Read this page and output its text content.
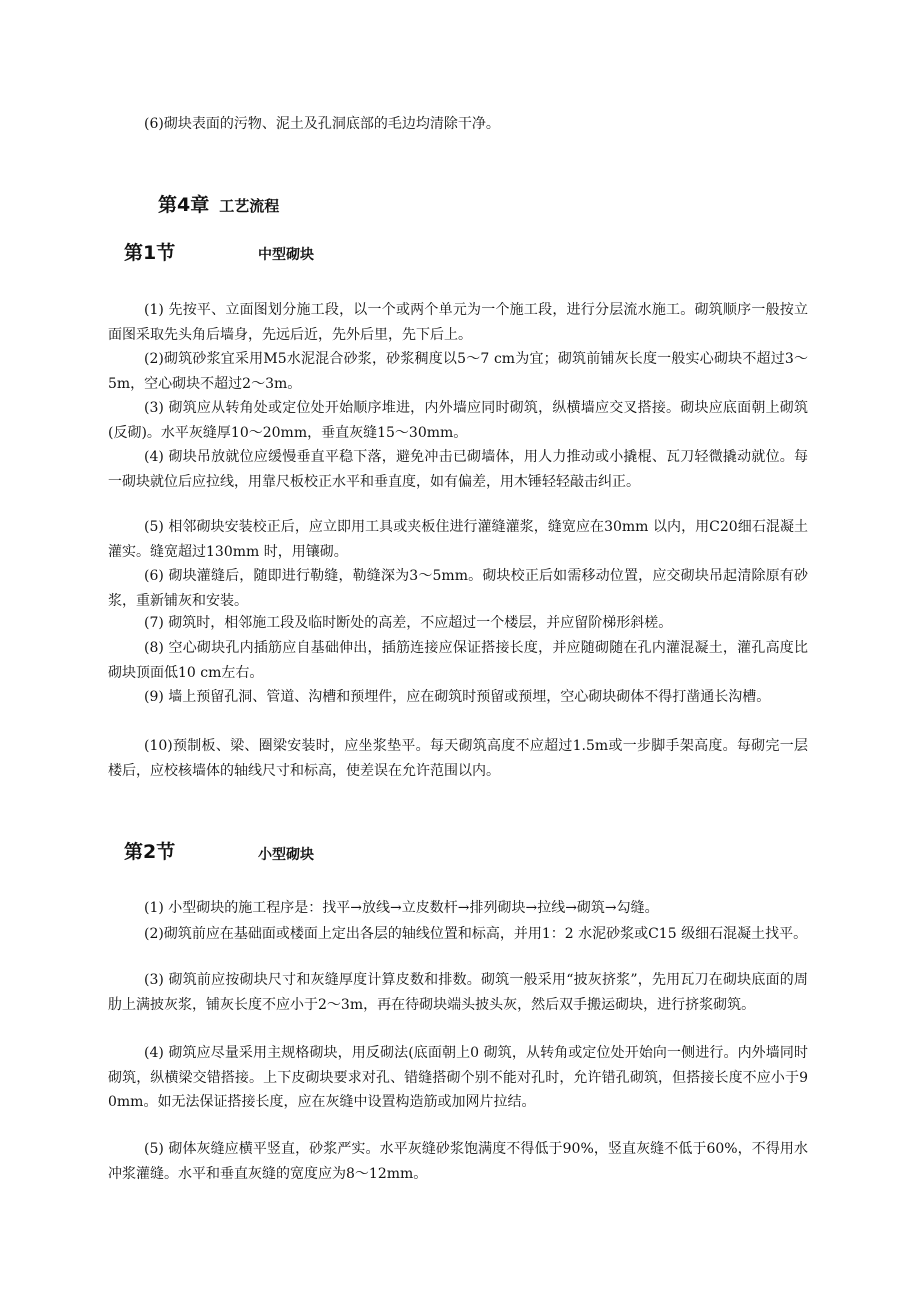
(6)砌块表面的污物、泥土及孔洞底部的毛边均清除干净。

第4章 工艺流程
第1节	中型砌块

(1) 先按平、立面图划分施工段，以一个或两个单元为一个施工段，进行分层流水施工。砌筑顺序一般按立面图采取先头角后墙身，先远后近，先外后里，先下后上。

(2)砌筑砂浆宜采用M5水泥混合砂浆，砂浆稠度以5～7 cm为宜；砌筑前铺灰长度一般实心砌块不超过3～5m，空心砌块不超过2～3m。

(3) 砌筑应从转角处或定位处开始顺序堆进，内外墙应同时砌筑，纵横墙应交叉搭接。砌块应底面朝上砌筑(反砌)。水平灰缝厚10～20mm，垂直灰缝15～30mm。

(4) 砌块吊放就位应缓慢垂直平稳下落，避免冲击已砌墙体，用人力推动或小撬棍、瓦刀轻微撬动就位。每一砌块就位后应拉线，用靠尺板校正水平和垂直度，如有偏差，用木锤轻轻敲击纠正。

(5) 相邻砌块安装校正后，应立即用工具或夹板住进行灌缝灌浆，缝宽应在30mm 以内，用C20细石混凝土灌实。缝宽超过130mm 时，用镶砌。

(6) 砌块灌缝后，随即进行勒缝，勒缝深为3～5mm。砌块校正后如需移动位置，应交砌块吊起清除原有砂浆，重新铺灰和安装。

(7) 砌筑时，相邻施工段及临时断处的高差，不应超过一个楼层，并应留阶梯形斜槎。

(8) 空心砌块孔内插筋应自基础伸出，插筋连接应保证搭接长度，并应随砌随在孔内灌混凝土，灌孔高度比砌块顶面低10 cm左右。

(9) 墙上预留孔洞、管道、沟槽和预埋件，应在砌筑时预留或预埋，空心砌块砌体不得打凿通长沟槽。

(10)预制板、梁、圈梁安装时，应坐浆垫平。每天砌筑高度不应超过1.5m或一步脚手架高度。每砌完一层楼后，应校核墙体的轴线尺寸和标高，使差误在允许范围以内。

第2节	小型砌块

(1) 小型砌块的施工程序是：找平→放线→立皮数杆→排列砌块→拉线→砌筑→勾缝。

(2)砌筑前应在基础面或楼面上定出各层的轴线位置和标高，并用1：2 水泥砂浆或C15 级细石混凝土找平。

(3) 砌筑前应按砌块尺寸和灰缝厚度计算皮数和排数。砌筑一般采用“披灰挤浆”，先用瓦刀在砌块底面的周肋上满披灰浆，铺灰长度不应小于2～3m，再在待砌块端头披头灰，然后双手搬运砌块，进行挤浆砌筑。

(4) 砌筑应尽量采用主规格砌块，用反砌法(底面朝上0 砌筑，从转角或定位处开始向一侧进行。内外墙同时砌筑，纵横梁交错搭接。上下皮砌块要求对孔、错缝搭砌个别不能对孔时，允许错孔砌筑，但搭接长度不应小于90mm。如无法保证搭接长度，应在灰缝中设置构造筋或加网片拉结。

(5) 砌体灰缝应横平竖直，砂浆严实。水平灰缝砂浆饱满度不得低于90%，竖直灰缝不低于60%，不得用水冲浆灌缝。水平和垂直灰缝的宽度应为8～12mm。
